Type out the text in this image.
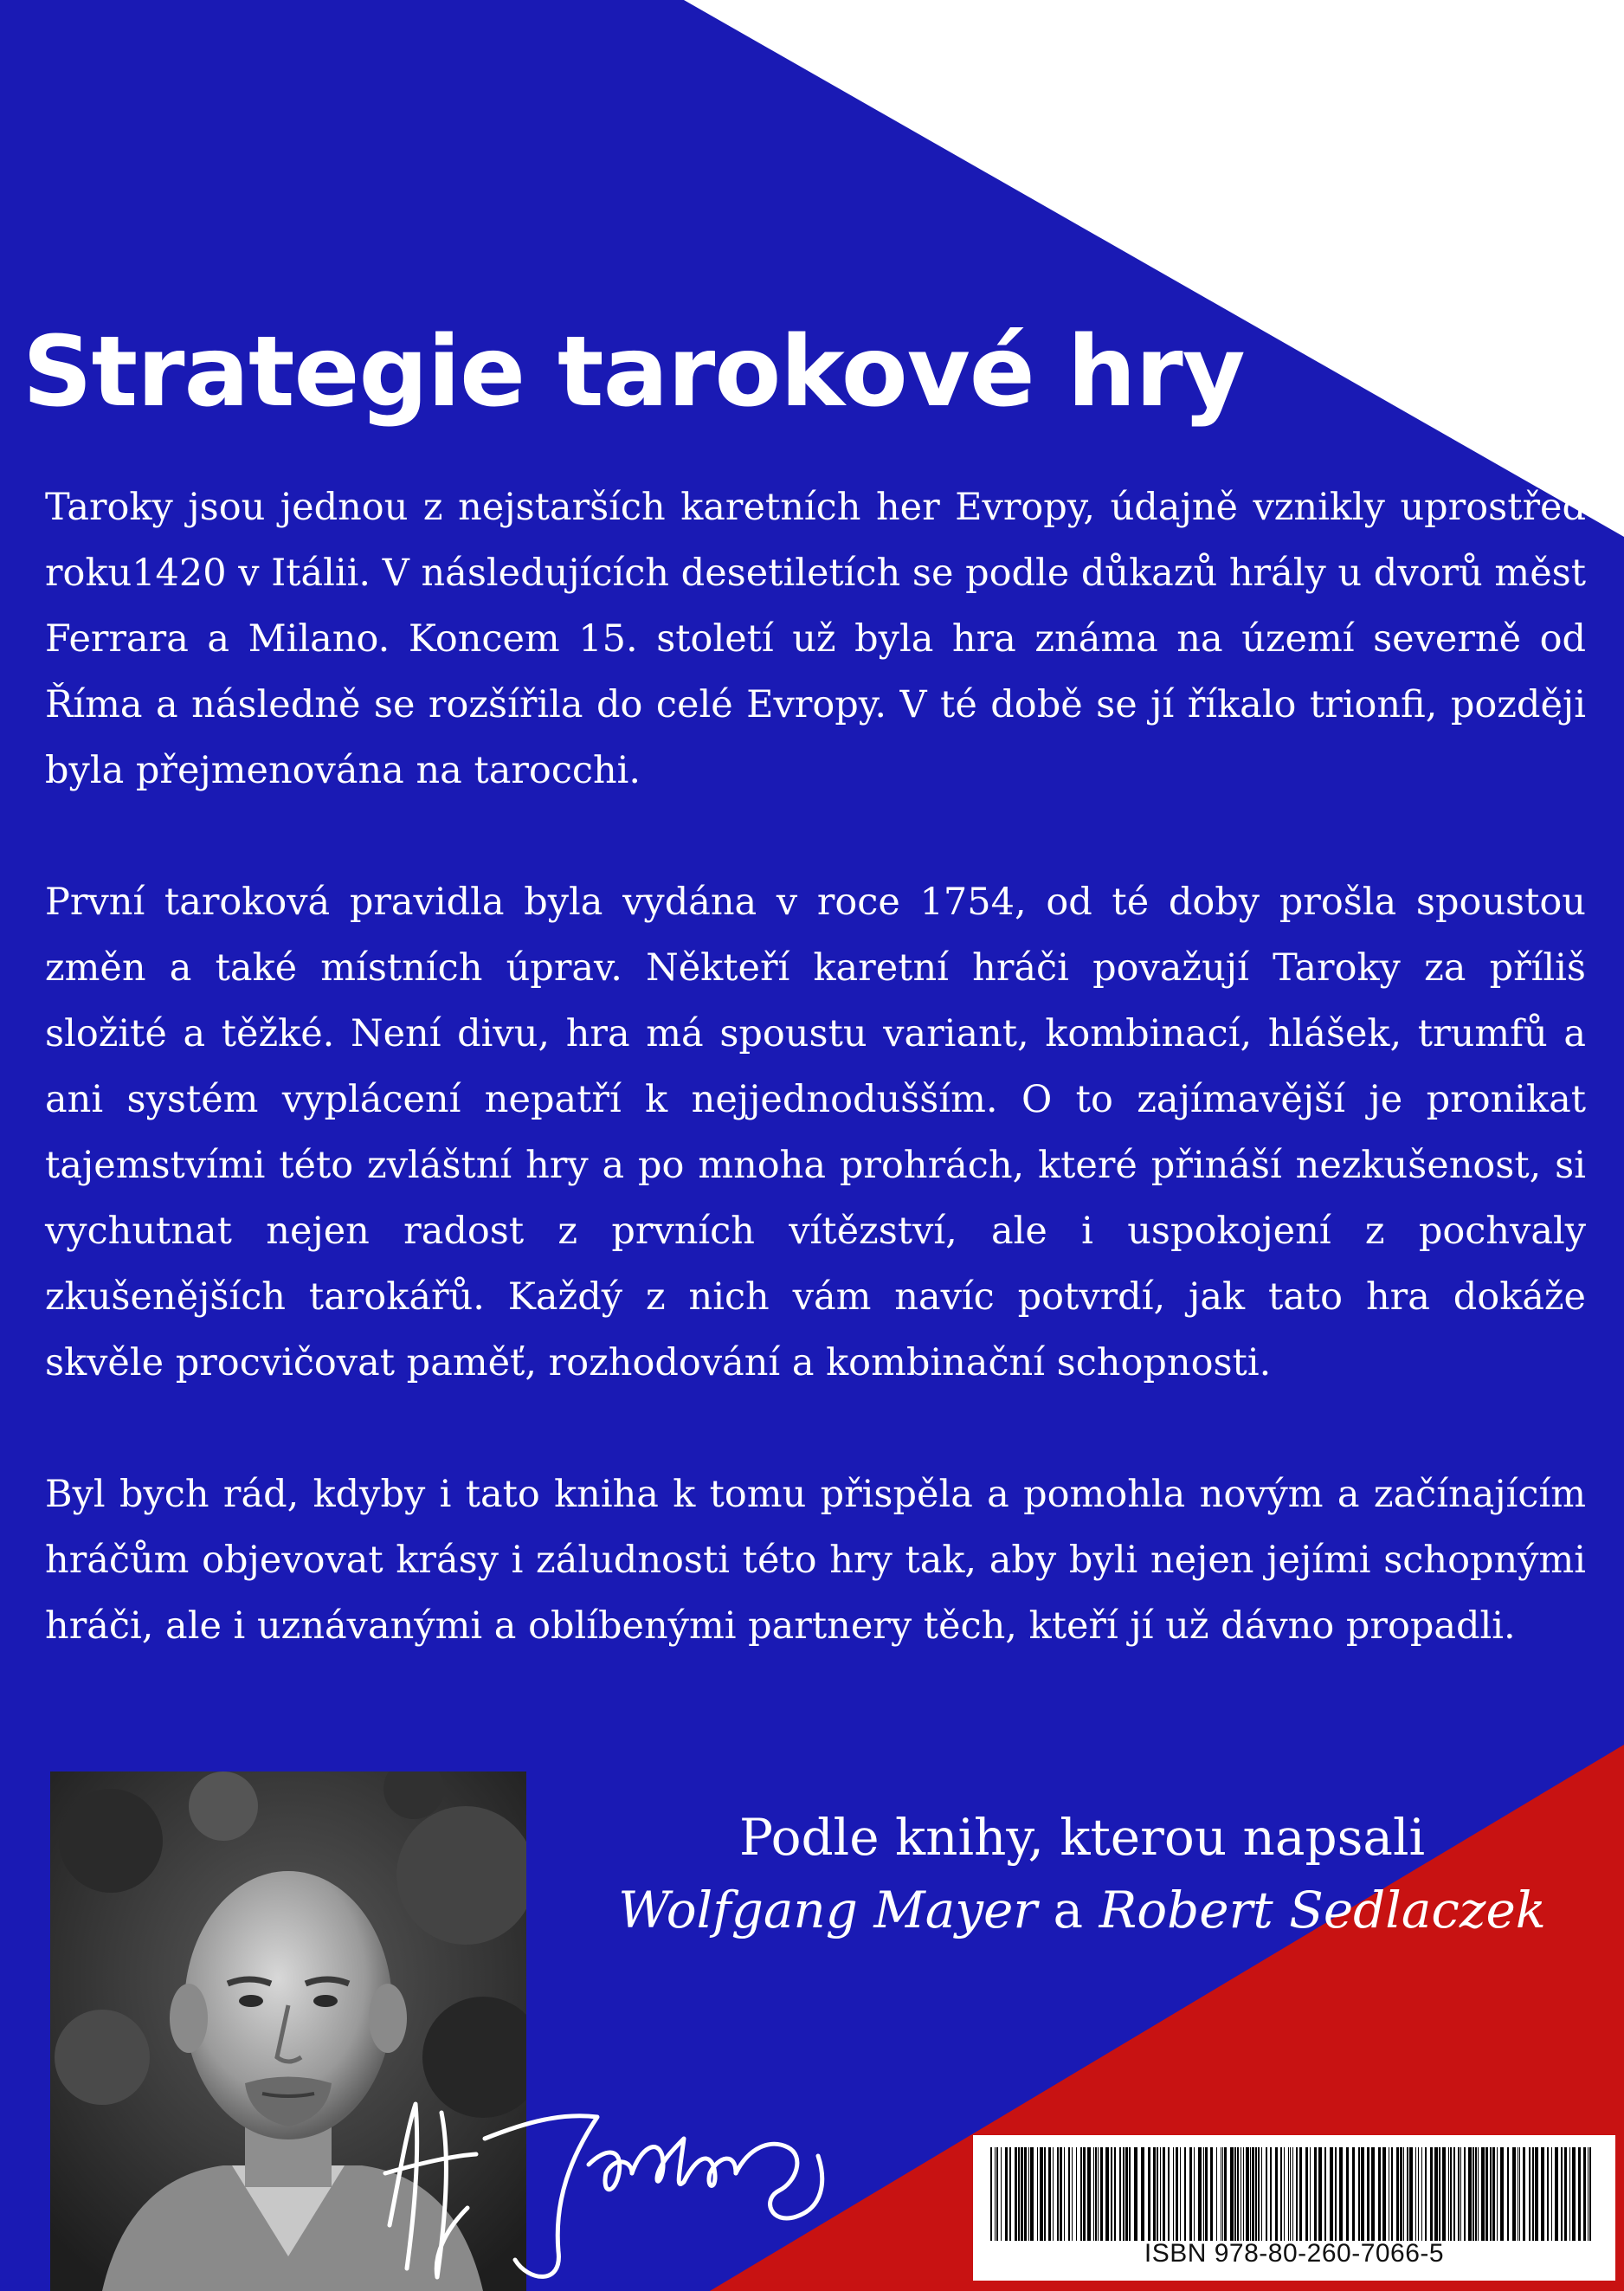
Strategie tarokové hry

Taroky jsou jednou z nejstarších karetních her Evropy, údajně vznikly uprostřed roku1420 v Itálii. V následujících desetiletích se podle důkazů hrály u dvorů měst Ferrara a Milano. Koncem 15. století už byla hra známa na území severně od Říma a následně se rozšířila do celé Evropy. V té době se jí říkalo trionfi, později byla přejmenována na tarocchi.

První taroková pravidla byla vydána v roce 1754, od té doby prošla spoustou změn a také místních úprav. Někteří karetní hráči považují Taroky za příliš složité a těžké. Není divu, hra má spoustu variant, kombinací, hlášek, trumfů a ani systém vyplácení nepatří k nejjednodušším. O to zajímavější je pronikat tajemstvími této zvláštní hry a po mnoha prohrách, které přináší nezkušenost, si vychutnat nejen radost z prvních vítězství, ale i uspokojení z pochvaly zkušenějších tarokářů. Každý z nich vám navíc potvrdí, jak tato hra dokáže skvěle procvičovat paměť, rozhodování a kombinační schopnosti.

Byl bych rád, kdyby i tato kniha k tomu přispěla a pomohla novým a začínajícím hráčům objevovat krásy i záludnosti této hry tak, aby byli nejen jejími schopnými hráči, ale i uznávanými a oblíbenými partnery těch, kteří jí už dávno propadli.

Podle knihy, kterou napsali
Wolfgang Mayer a Robert Sedlaczek
ISBN 978-80-260-7066-5
